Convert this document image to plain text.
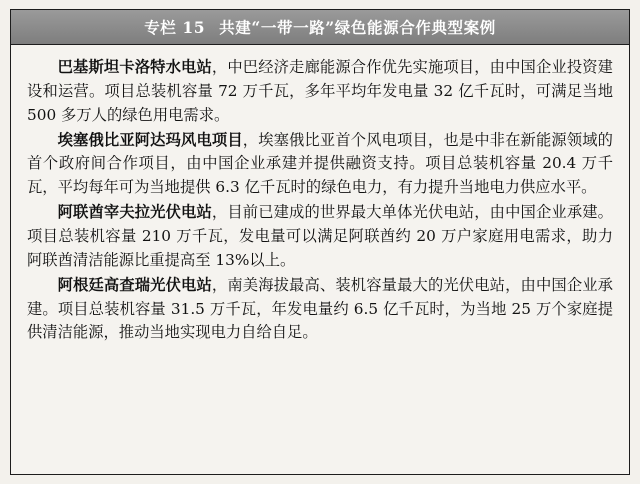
专栏 15 共建“一带一路”绿色能源合作典型案例

巴基斯坦卡洛特水电站，中巴经济走廊能源合作优先实施项目，由中国企业投资建设和运营。项目总装机容量 72 万千瓦，多年平均年发电量 32 亿千瓦时，可满足当地 500 多万人的绿色用电需求。

埃塞俄比亚阿达玛风电项目，埃塞俄比亚首个风电项目，也是中非在新能源领域的首个政府间合作项目，由中国企业承建并提供融资支持。项目总装机容量 20.4 万千瓦，平均每年可为当地提供 6.3 亿千瓦时的绿色电力，有力提升当地电力供应水平。

阿联酋宰夫拉光伏电站，目前已建成的世界最大单体光伏电站，由中国企业承建。项目总装机容量 210 万千瓦，发电量可以满足阿联酋约 20 万户家庭用电需求，助力阿联酋清洁能源比重提高至 13%以上。

阿根廷高查瑞光伏电站，南美海拔最高、装机容量最大的光伏电站，由中国企业承建。项目总装机容量 31.5 万千瓦，年发电量约 6.5 亿千瓦时，为当地 25 万个家庭提供清洁能源，推动当地实现电力自给自足。
